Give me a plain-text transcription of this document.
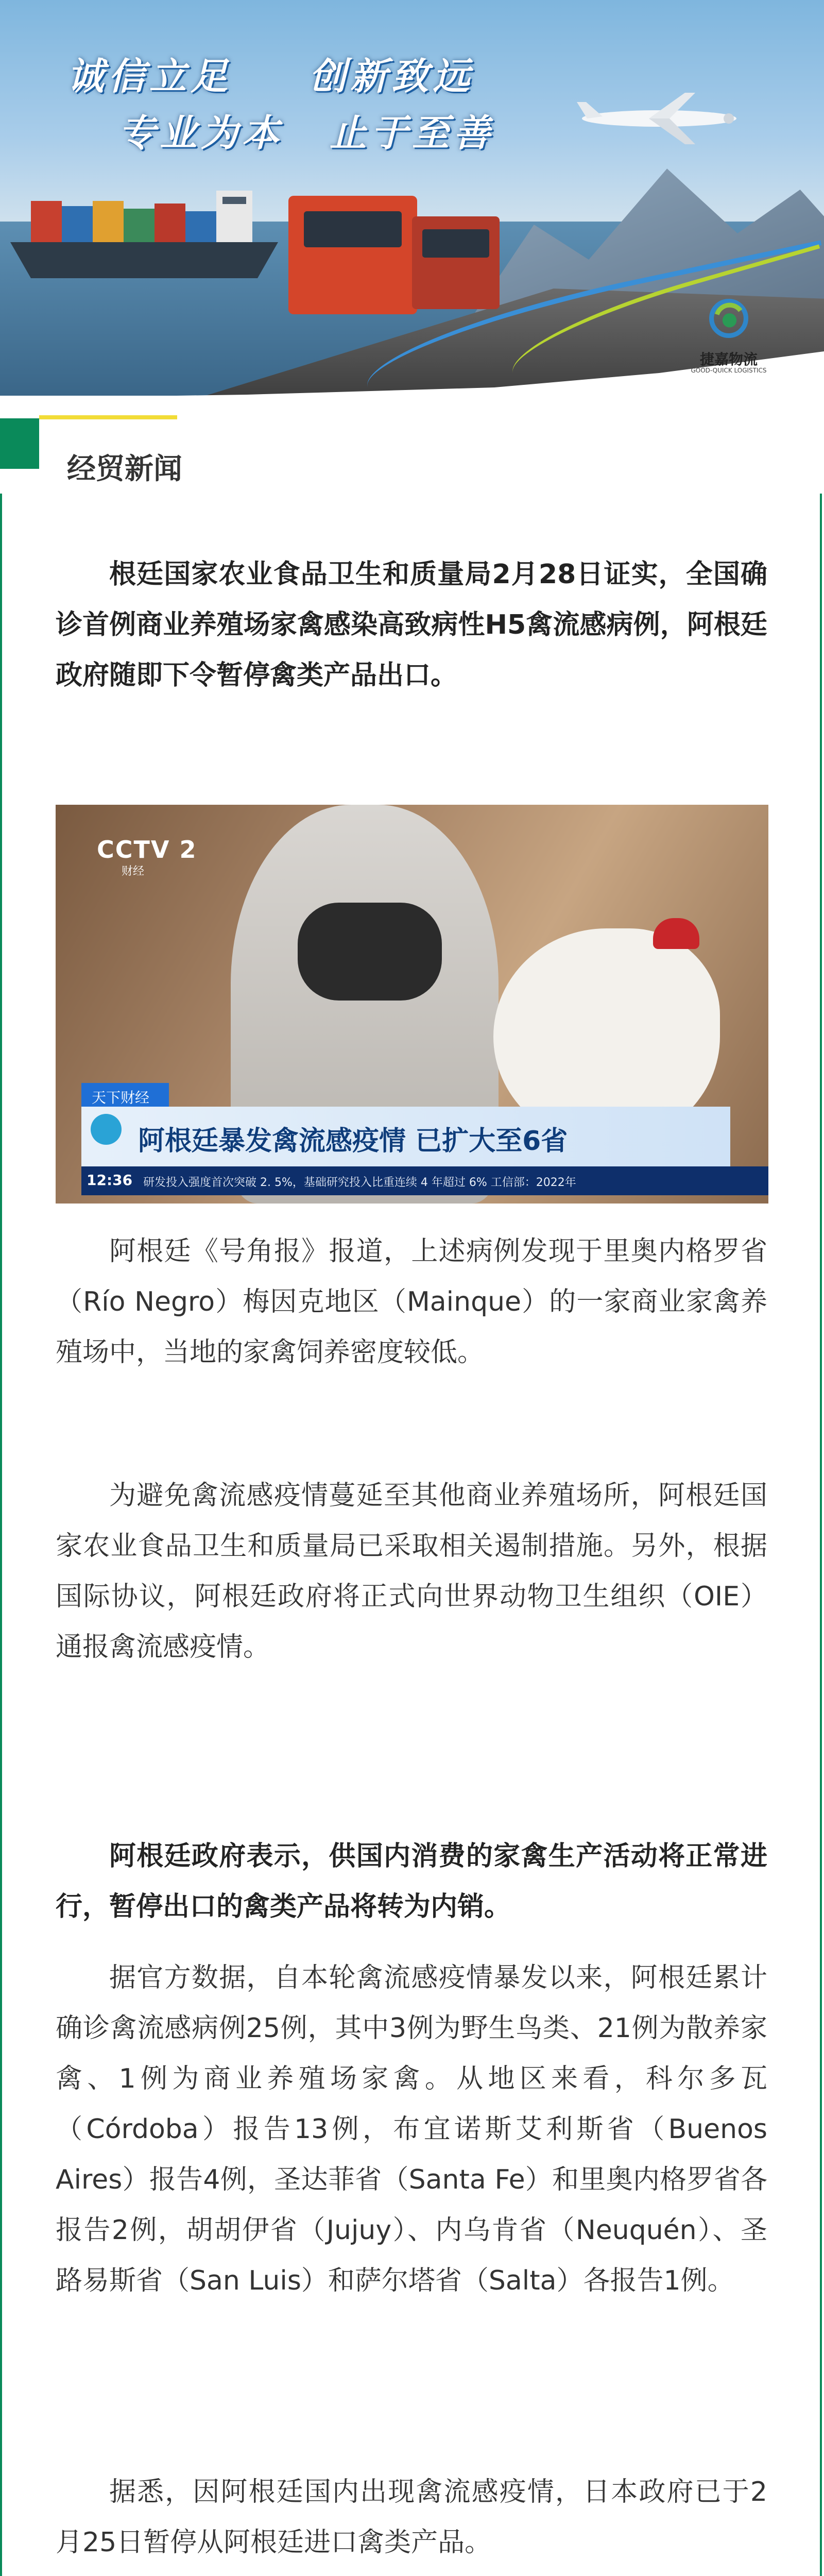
诚信立足 创新致远
专业为本 止于至善
捷嘉物流
GOOD-QUICK LOGISTICS
经贸新闻
根廷国家农业食品卫生和质量局2月28日证实，全国确诊首例商业养殖场家禽感染高致病性H5禽流感病例，阿根廷政府随即下令暂停禽类产品出口。
CCTV 2
财经
天下财经
阿根廷暴发禽流感疫情 已扩大至6省
12:36 研发投入强度首次突破 2. 5%，基础研究投入比重连续 4 年超过 6% 工信部：2022年
阿根廷《号角报》报道，上述病例发现于里奥内格罗省（Río Negro）梅因克地区（Mainque）的一家商业家禽养殖场中，当地的家禽饲养密度较低。
为避免禽流感疫情蔓延至其他商业养殖场所，阿根廷国家农业食品卫生和质量局已采取相关遏制措施。另外，根据国际协议，阿根廷政府将正式向世界动物卫生组织（OIE）通报禽流感疫情。
阿根廷政府表示，供国内消费的家禽生产活动将正常进行，暂停出口的禽类产品将转为内销。
据官方数据，自本轮禽流感疫情暴发以来，阿根廷累计确诊禽流感病例25例，其中3例为野生鸟类、21例为散养家禽、1例为商业养殖场家禽。从地区来看，科尔多瓦（Córdoba）报告13例，布宜诺斯艾利斯省（Buenos Aires）报告4例，圣达菲省（Santa Fe）和里奥内格罗省各报告2例，胡胡伊省（Jujuy）、内乌肯省（Neuquén）、圣路易斯省（San Luis）和萨尔塔省（Salta）各报告1例。
据悉，因阿根廷国内出现禽流感疫情，日本政府已于2月25日暂停从阿根廷进口禽类产品。
